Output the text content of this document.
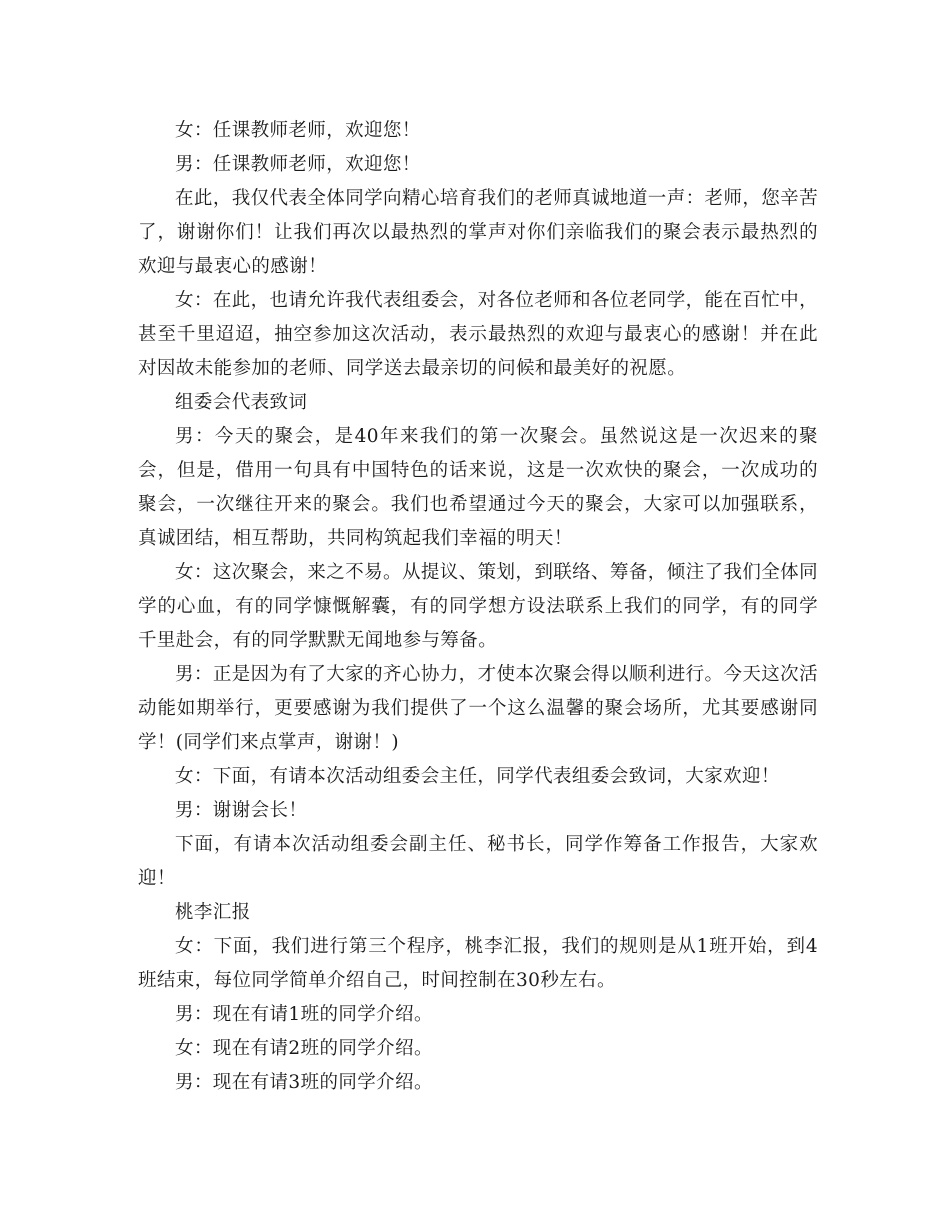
女：任课教师老师，欢迎您！

男：任课教师老师，欢迎您！

在此，我仅代表全体同学向精心培育我们的老师真诚地道一声：老师，您辛苦了，谢谢你们！让我们再次以最热烈的掌声对你们亲临我们的聚会表示最热烈的欢迎与最衷心的感谢！

女：在此，也请允许我代表组委会，对各位老师和各位老同学，能在百忙中，甚至千里迢迢，抽空参加这次活动，表示最热烈的欢迎与最衷心的感谢！并在此对因故未能参加的老师、同学送去最亲切的问候和最美好的祝愿。

组委会代表致词

男：今天的聚会，是40年来我们的第一次聚会。虽然说这是一次迟来的聚会，但是，借用一句具有中国特色的话来说，这是一次欢快的聚会，一次成功的聚会，一次继往开来的聚会。我们也希望通过今天的聚会，大家可以加强联系，真诚团结，相互帮助，共同构筑起我们幸福的明天！

女：这次聚会，来之不易。从提议、策划，到联络、筹备，倾注了我们全体同学的心血，有的同学慷慨解囊，有的同学想方设法联系上我们的同学，有的同学千里赴会，有的同学默默无闻地参与筹备。

男：正是因为有了大家的齐心协力，才使本次聚会得以顺利进行。今天这次活动能如期举行，更要感谢为我们提供了一个这么温馨的聚会场所，尤其要感谢同学！(同学们来点掌声，谢谢！)

女：下面，有请本次活动组委会主任，同学代表组委会致词，大家欢迎！

男：谢谢会长！

下面，有请本次活动组委会副主任、秘书长，同学作筹备工作报告，大家欢迎！

桃李汇报

女：下面，我们进行第三个程序，桃李汇报，我们的规则是从1班开始，到4班结束，每位同学简单介绍自己，时间控制在30秒左右。

男：现在有请1班的同学介绍。

女：现在有请2班的同学介绍。

男：现在有请3班的同学介绍。
